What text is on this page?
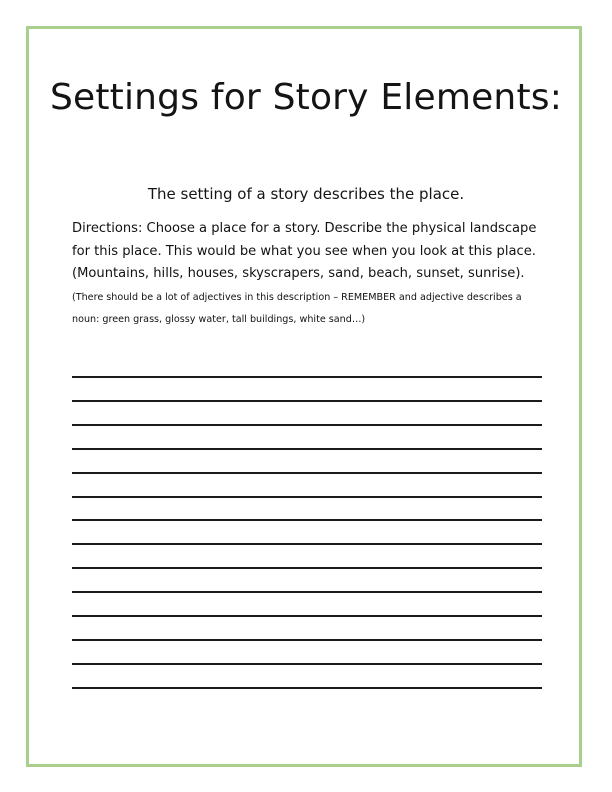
Settings for Story Elements:
The setting of a story describes the place.
Directions: Choose a place for a story. Describe the physical landscape for this place. This would be what you see when you look at this place. (Mountains, hills, houses, skyscrapers, sand, beach, sunset, sunrise). (There should be a lot of adjectives in this description – REMEMBER and adjective describes a noun: green grass, glossy water, tall buildings, white sand…)
